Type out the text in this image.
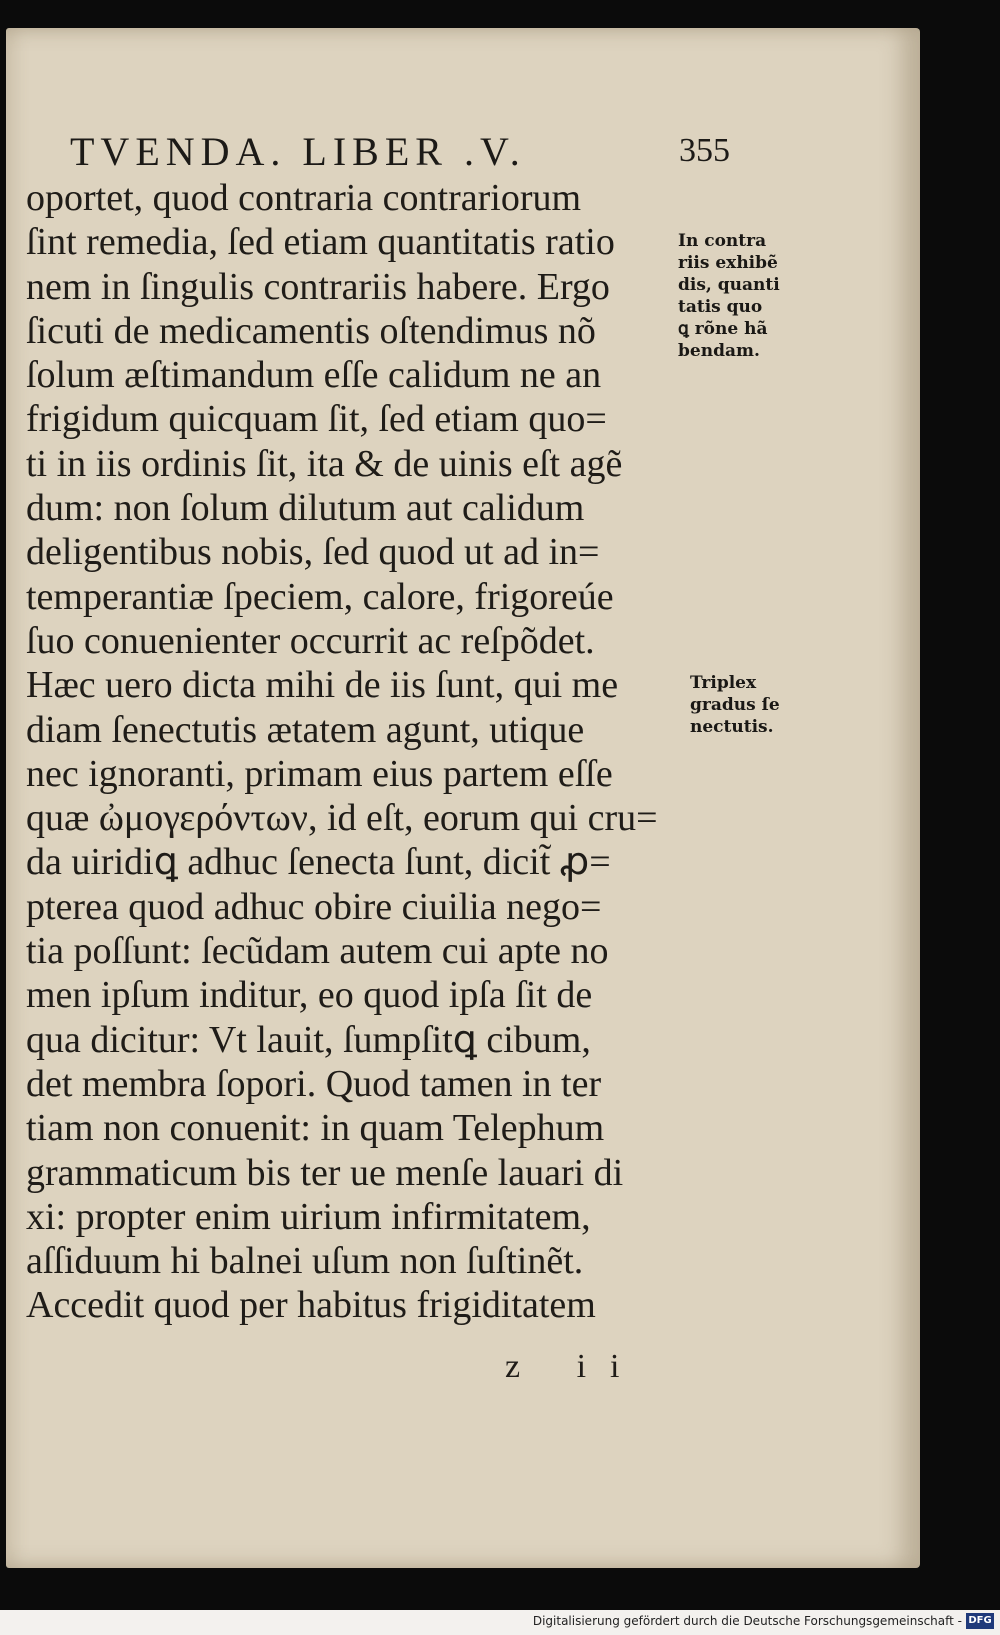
TVENDA. LIBER .V.	355
oportet, quod contraria contrariorum
ſint remedia, ſed etiam quantitatis ratio
nem in ſingulis contrariis habere. Ergo
ſicuti de medicamentis oſtendimus nõ
ſolum æſtimandum eſſe calidum ne an
frigidum quicquam ſit, ſed etiam quo=
ti in iis ordinis ſit, ita & de uinis eſt agẽ
dum: non ſolum dilutum aut calidum
deligentibus nobis, ſed quod ut ad in=
temperantiæ ſpeciem, calore, frigoreúe
ſuo conuenienter occurrit ac reſpõdet.
Hæc uero dicta mihi de iis ſunt, qui me
diam ſenectutis ætatem agunt, utique
nec ignoranti, primam eius partem eſſe
quæ ὠμογερόντων, id eſt, eorum qui cru=
da uiridiꝗ adhuc ſenecta ſunt, dicit̃ ꝓ=
pterea quod adhuc obire ciuilia nego=
tia poſſunt: ſecũdam autem cui apte no
men ipſum inditur, eo quod ipſa ſit de
qua dicitur: Vt lauit, ſumpſitꝗ cibum,
det membra ſopori. Quod tamen in ter
tiam non conuenit: in quam Telephum
grammaticum bis ter ue menſe lauari di
xi: propter enim uirium infirmitatem,
aſſiduum hi balnei uſum non ſuſtinẽt.
Accedit quod per habitus frigiditatem
In contra
riis exhibẽ
dis, quanti
tatis quo
ꝗ rõne hã
bendam.
Triplex
gradus ſe
nectutis.
z ii
Digitalisierung gefördert durch die Deutsche Forschungsgemeinschaft - DFG
